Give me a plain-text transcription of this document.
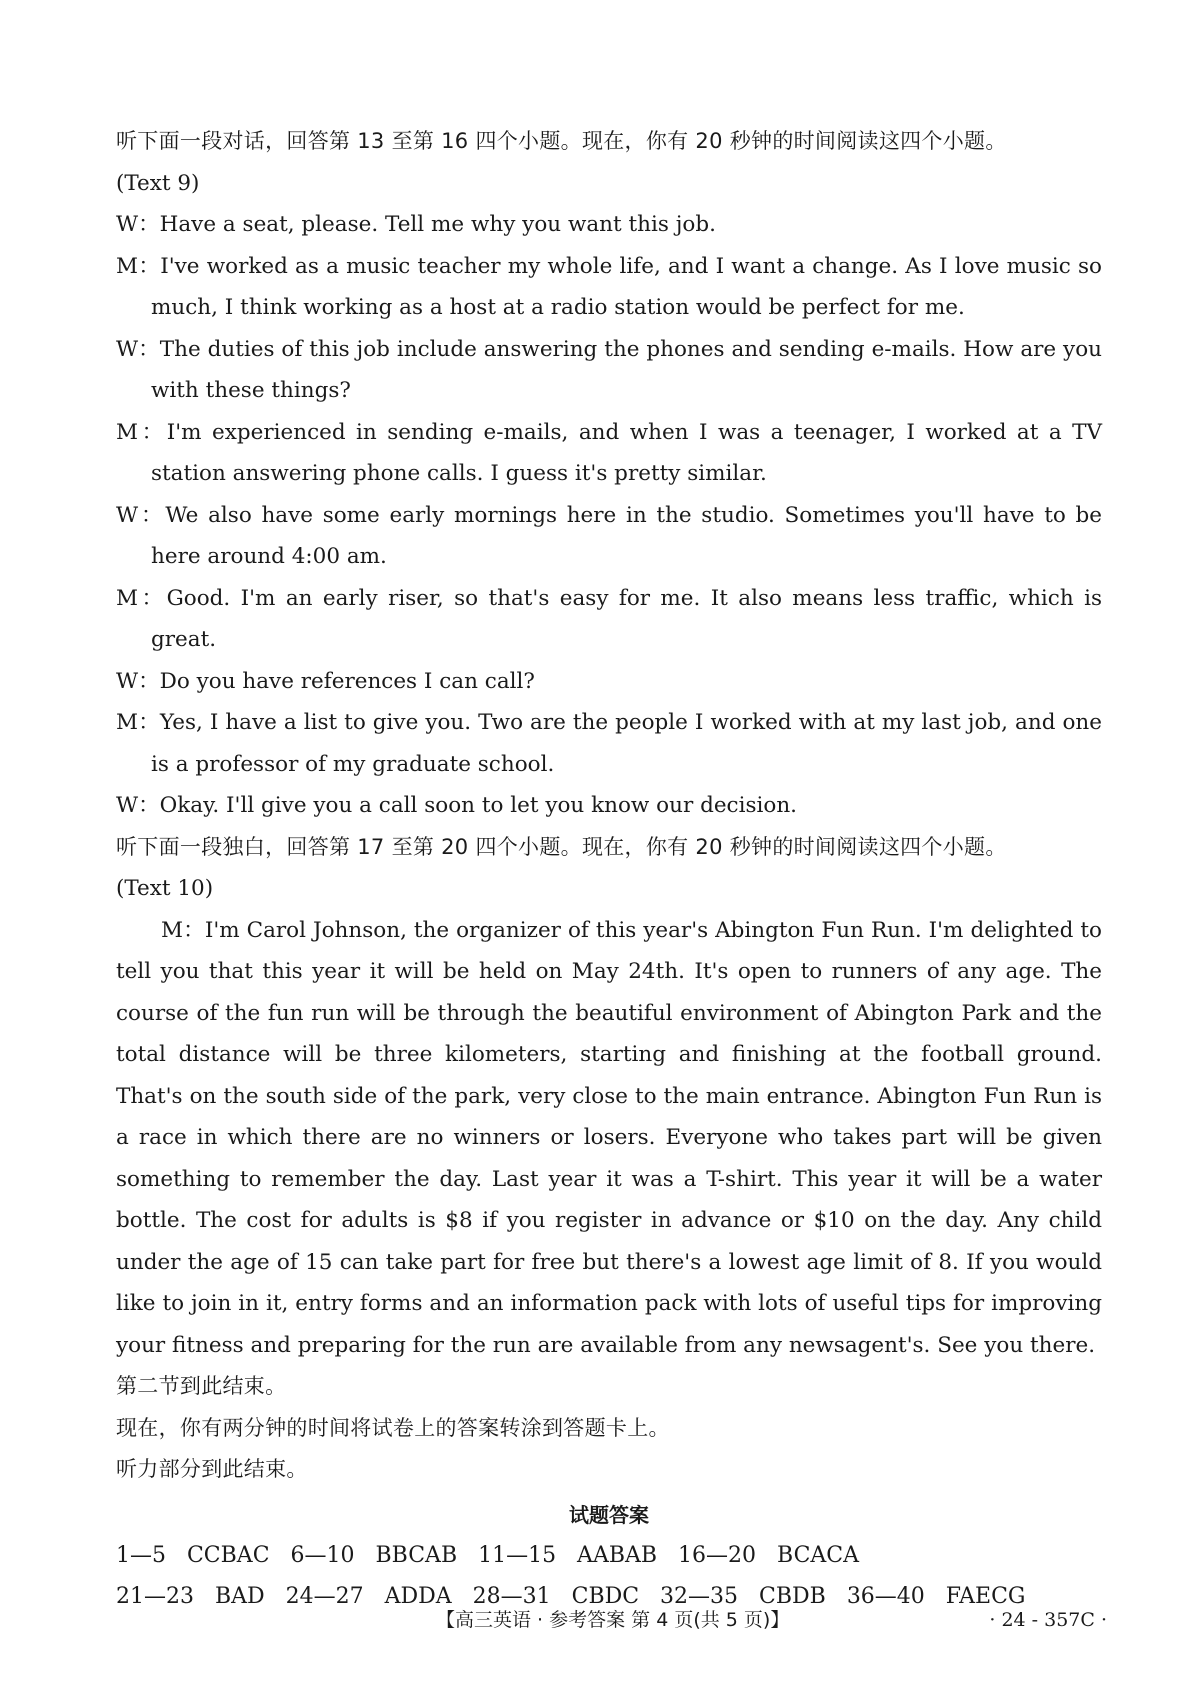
听下面一段对话，回答第 13 至第 16 四个小题。现在，你有 20 秒钟的时间阅读这四个小题。
(Text 9)
W：Have a seat, please. Tell me why you want this job.
M：I've worked as a music teacher my whole life, and I want a change. As I love music so much, I think working as a host at a radio station would be perfect for me.
W：The duties of this job include answering the phones and sending e-mails. How are you with these things?
M：I'm experienced in sending e-mails, and when I was a teenager, I worked at a TV station answering phone calls. I guess it's pretty similar.
W：We also have some early mornings here in the studio. Sometimes you'll have to be here around 4:00 am.
M：Good. I'm an early riser, so that's easy for me. It also means less traffic, which is great.
W：Do you have references I can call?
M：Yes, I have a list to give you. Two are the people I worked with at my last job, and one is a professor of my graduate school.
W：Okay. I'll give you a call soon to let you know our decision.
听下面一段独白，回答第 17 至第 20 四个小题。现在，你有 20 秒钟的时间阅读这四个小题。
(Text 10)
M：I'm Carol Johnson, the organizer of this year's Abington Fun Run. I'm delighted to tell you that this year it will be held on May 24th. It's open to runners of any age. The course of the fun run will be through the beautiful environment of Abington Park and the total distance will be three kilometers, starting and finishing at the football ground. That's on the south side of the park, very close to the main entrance. Abington Fun Run is a race in which there are no winners or losers. Everyone who takes part will be given something to remember the day. Last year it was a T-shirt. This year it will be a water bottle. The cost for adults is $8 if you register in advance or $10 on the day. Any child under the age of 15 can take part for free but there's a lowest age limit of 8. If you would like to join in it, entry forms and an information pack with lots of useful tips for improving your fitness and preparing for the run are available from any newsagent's. See you there.
第二节到此结束。
现在，你有两分钟的时间将试卷上的答案转涂到答题卡上。
听力部分到此结束。
试题答案
1—5   CCBAC   6—10   BBCAB   11—15   AABAB   16—20   BCACA
21—23   BAD   24—27   ADDA   28—31   CBDC   32—35   CBDB   36—40   FAECG
【高三英语 · 参考答案 第 4 页(共 5 页)】	· 24 - 357C ·
